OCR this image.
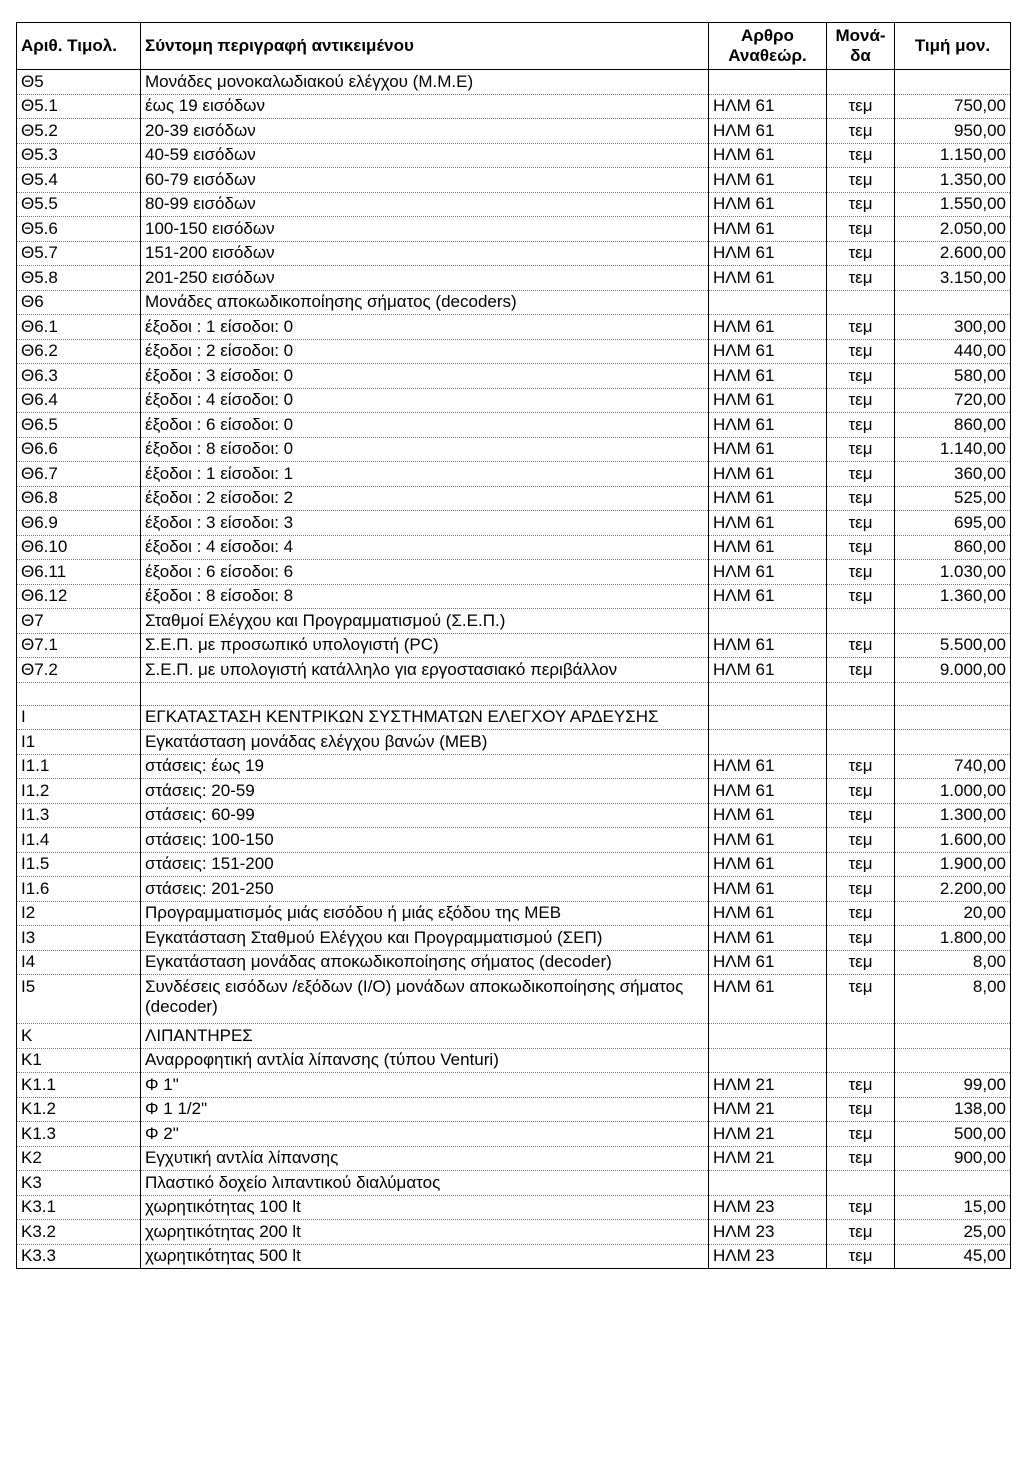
Αριθ. Τιμολ.	Σύντομη περιγραφή αντικειμένου	Αρθρο Αναθεώρ.	Μονά-δα	Τιμή μον.
Θ5	Μονάδες μονοκαλωδιακού ελέγχου (Μ.Μ.Ε)			
Θ5.1	έως 19 εισόδων	ΗΛΜ 61	τεμ	750,00
Θ5.2	20-39 εισόδων	ΗΛΜ 61	τεμ	950,00
Θ5.3	40-59 εισόδων	ΗΛΜ 61	τεμ	1.150,00
Θ5.4	60-79 εισόδων	ΗΛΜ 61	τεμ	1.350,00
Θ5.5	80-99 εισόδων	ΗΛΜ 61	τεμ	1.550,00
Θ5.6	100-150 εισόδων	ΗΛΜ 61	τεμ	2.050,00
Θ5.7	151-200 εισόδων	ΗΛΜ 61	τεμ	2.600,00
Θ5.8	201-250 εισόδων	ΗΛΜ 61	τεμ	3.150,00
Θ6	Μονάδες αποκωδικοποίησης σήματος (decoders)			
Θ6.1	έξοδοι : 1 είσοδοι: 0	ΗΛΜ 61	τεμ	300,00
Θ6.2	έξοδοι : 2 είσοδοι: 0	ΗΛΜ 61	τεμ	440,00
Θ6.3	έξοδοι : 3 είσοδοι: 0	ΗΛΜ 61	τεμ	580,00
Θ6.4	έξοδοι : 4 είσοδοι: 0	ΗΛΜ 61	τεμ	720,00
Θ6.5	έξοδοι : 6 είσοδοι: 0	ΗΛΜ 61	τεμ	860,00
Θ6.6	έξοδοι : 8 είσοδοι: 0	ΗΛΜ 61	τεμ	1.140,00
Θ6.7	έξοδοι : 1 είσοδοι: 1	ΗΛΜ 61	τεμ	360,00
Θ6.8	έξοδοι : 2 είσοδοι: 2	ΗΛΜ 61	τεμ	525,00
Θ6.9	έξοδοι : 3 είσοδοι: 3	ΗΛΜ 61	τεμ	695,00
Θ6.10	έξοδοι : 4 είσοδοι: 4	ΗΛΜ 61	τεμ	860,00
Θ6.11	έξοδοι : 6 είσοδοι: 6	ΗΛΜ 61	τεμ	1.030,00
Θ6.12	έξοδοι : 8 είσοδοι: 8	ΗΛΜ 61	τεμ	1.360,00
Θ7	Σταθμοί Ελέγχου και Προγραμματισμού (Σ.Ε.Π.)			
Θ7.1	Σ.Ε.Π. με προσωπικό υπολογιστή (PC)	ΗΛΜ 61	τεμ	5.500,00
Θ7.2	Σ.Ε.Π. με υπολογιστή κατάλληλο για εργοστασιακό περιβάλλον	ΗΛΜ 61	τεμ	9.000,00

Ι	ΕΓΚΑΤΑΣΤΑΣΗ ΚΕΝΤΡΙΚΩΝ ΣΥΣΤΗΜΑΤΩΝ ΕΛΕΓΧΟΥ ΑΡΔΕΥΣΗΣ			
Ι1	Εγκατάσταση μονάδας ελέγχου βανών (ΜΕΒ)			
Ι1.1	στάσεις: έως 19	ΗΛΜ 61	τεμ	740,00
Ι1.2	στάσεις: 20-59	ΗΛΜ 61	τεμ	1.000,00
Ι1.3	στάσεις: 60-99	ΗΛΜ 61	τεμ	1.300,00
Ι1.4	στάσεις: 100-150	ΗΛΜ 61	τεμ	1.600,00
Ι1.5	στάσεις: 151-200	ΗΛΜ 61	τεμ	1.900,00
Ι1.6	στάσεις: 201-250	ΗΛΜ 61	τεμ	2.200,00
Ι2	Προγραμματισμός μιάς εισόδου ή μιάς εξόδου της ΜΕΒ	ΗΛΜ 61	τεμ	20,00
Ι3	Εγκατάσταση Σταθμού Ελέγχου και Προγραμματισμού (ΣΕΠ)	ΗΛΜ 61	τεμ	1.800,00
Ι4	Εγκατάσταση μονάδας αποκωδικοποίησης σήματος (decoder)	ΗΛΜ 61	τεμ	8,00
Ι5	Συνδέσεις εισόδων /εξόδων (Ι/Ο) μονάδων αποκωδικοποίησης σήματος (decoder)	ΗΛΜ 61	τεμ	8,00
Κ	ΛΙΠΑΝΤΗΡΕΣ			
Κ1	Αναρροφητική αντλία λίπανσης (τύπου Venturi)			
Κ1.1	Φ 1"	ΗΛΜ 21	τεμ	99,00
Κ1.2	Φ 1 1/2"	ΗΛΜ 21	τεμ	138,00
Κ1.3	Φ 2"	ΗΛΜ 21	τεμ	500,00
Κ2	Εγχυτική αντλία λίπανσης	ΗΛΜ 21	τεμ	900,00
Κ3	Πλαστικό δοχείο λιπαντικού διαλύματος			
Κ3.1	χωρητικότητας 100 lt	ΗΛΜ 23	τεμ	15,00
Κ3.2	χωρητικότητας 200 lt	ΗΛΜ 23	τεμ	25,00
Κ3.3	χωρητικότητας 500 lt	ΗΛΜ 23	τεμ	45,00
